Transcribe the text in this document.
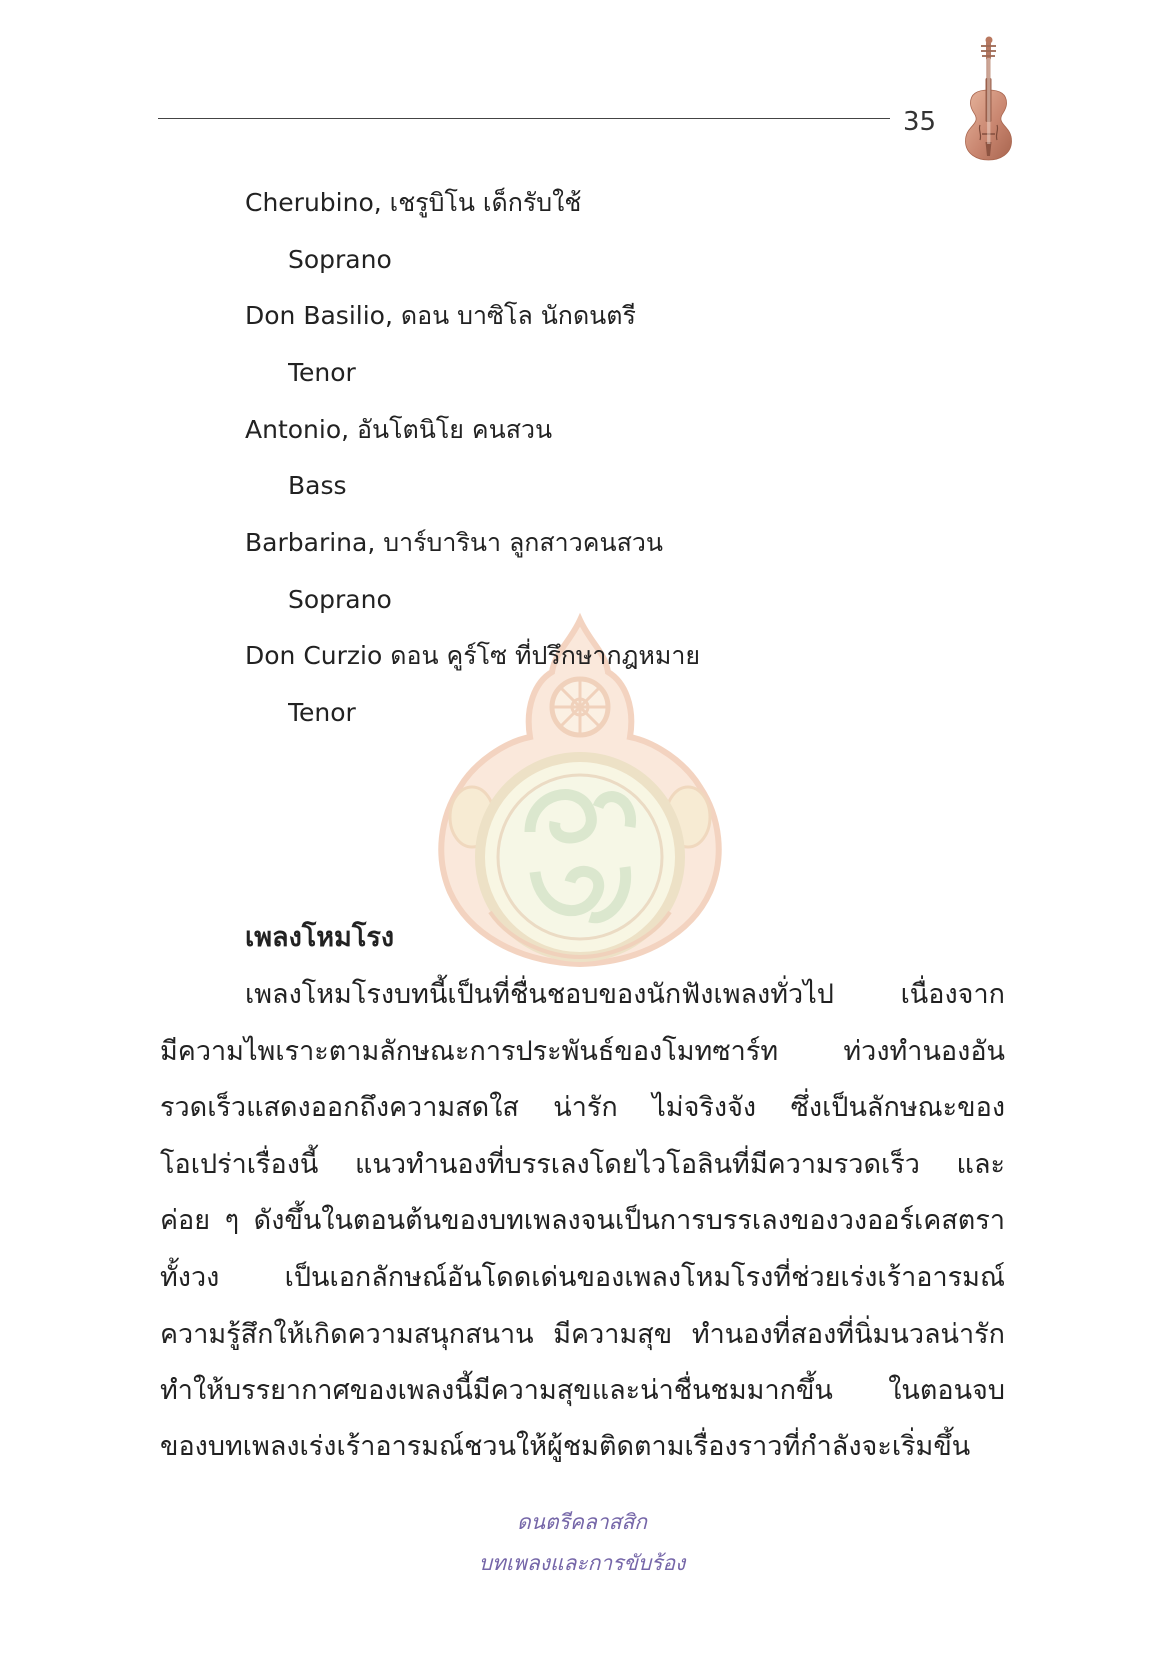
35
Cherubino, เชรูบิโน เด็กรับใช้
Soprano
Don Basilio, ดอน บาซิโล นักดนตรี
Tenor
Antonio, อันโตนิโย คนสวน
Bass
Barbarina, บาร์บารินา ลูกสาวคนสวน
Soprano
Don Curzio ดอน คูร์โซ ที่ปรึกษากฎหมาย
Tenor
เพลงโหมโรง
เพลงโหมโรงบทนี้เป็นที่ชื่นชอบของนักฟังเพลงทั่วไป เนื่องจาก
มีความไพเราะตามลักษณะการประพันธ์ของโมทซาร์ท ท่วงทำนองอัน
รวดเร็วแสดงออกถึงความสดใส น่ารัก ไม่จริงจัง ซึ่งเป็นลักษณะของ
โอเปร่าเรื่องนี้ แนวทำนองที่บรรเลงโดยไวโอลินที่มีความรวดเร็ว และ
ค่อย ๆ ดังขึ้นในตอนต้นของบทเพลงจนเป็นการบรรเลงของวงออร์เคสตรา
ทั้งวง เป็นเอกลักษณ์อันโดดเด่นของเพลงโหมโรงที่ช่วยเร่งเร้าอารมณ์
ความรู้สึกให้เกิดความสนุกสนาน มีความสุข ทำนองที่สองที่นิ่มนวลน่ารัก
ทำให้บรรยากาศของเพลงนี้มีความสุขและน่าชื่นชมมากขึ้น ในตอนจบ
ของบทเพลงเร่งเร้าอารมณ์ชวนให้ผู้ชมติดตามเรื่องราวที่กำลังจะเริ่มขึ้น
ดนตรีคลาสสิก
บทเพลงและการขับร้อง
